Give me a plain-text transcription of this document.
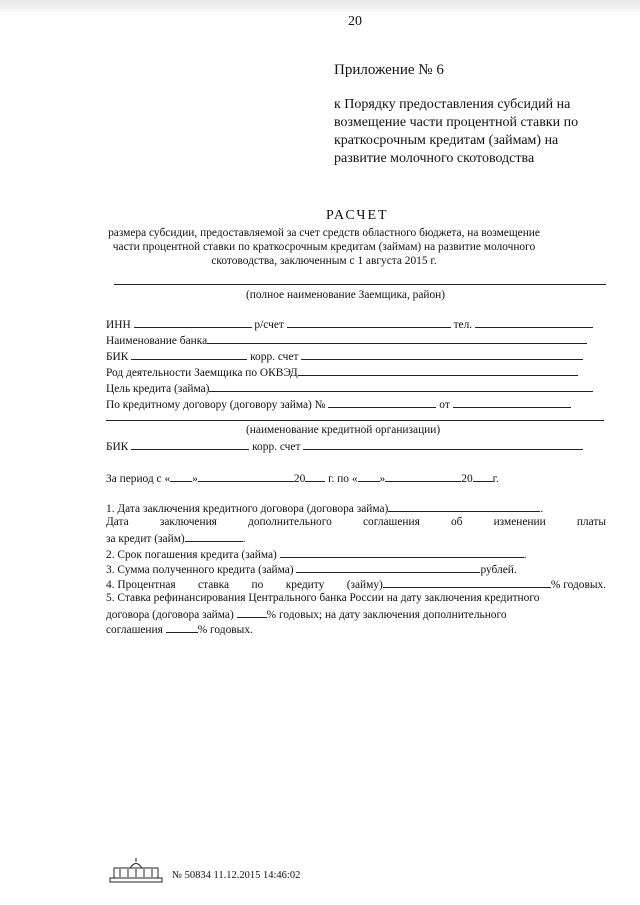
20
Приложение № 6
к Порядку предоставления субсидий на
возмещение части процентной ставки по
краткосрочным кредитам (займам) на
развитие молочного скотоводства
РАСЧЕТ
размера субсидии, предоставляемой за счет средств областного бюджета, на возмещение
части процентной ставки по краткосрочным кредитам (займам) на развитие молочного
скотоводства, заключенным с 1 августа 2015 г.
(полное наименование Заемщика, район)
ИНН	р/счет	тел.
Наименование банка
БИК	корр. счет
Род деятельности Заемщика по ОКВЭД
Цель кредита (займа)
По кредитному договору (договору займа) №	от
(наименование кредитной организации)
БИК	корр. счет
За период с « »	20 г. по « »	20 г.
1. Дата заключения кредитного договора (договора займа)	.
Дата	заключения	дополнительного	соглашения	об	изменении	платы
за кредит (займ)	.
2. Срок погашения кредита (займа)	.
3. Сумма полученного кредита (займа)	рублей.
4. Процентная ставка по кредиту (займу)	% годовых.
5. Ставка рефинансирования Центрального банка России на дату заключения кредитного
договора (договора займа)	% годовых; на дату заключения дополнительного
соглашения	% годовых.
№ 50834 11.12.2015 14:46:02
